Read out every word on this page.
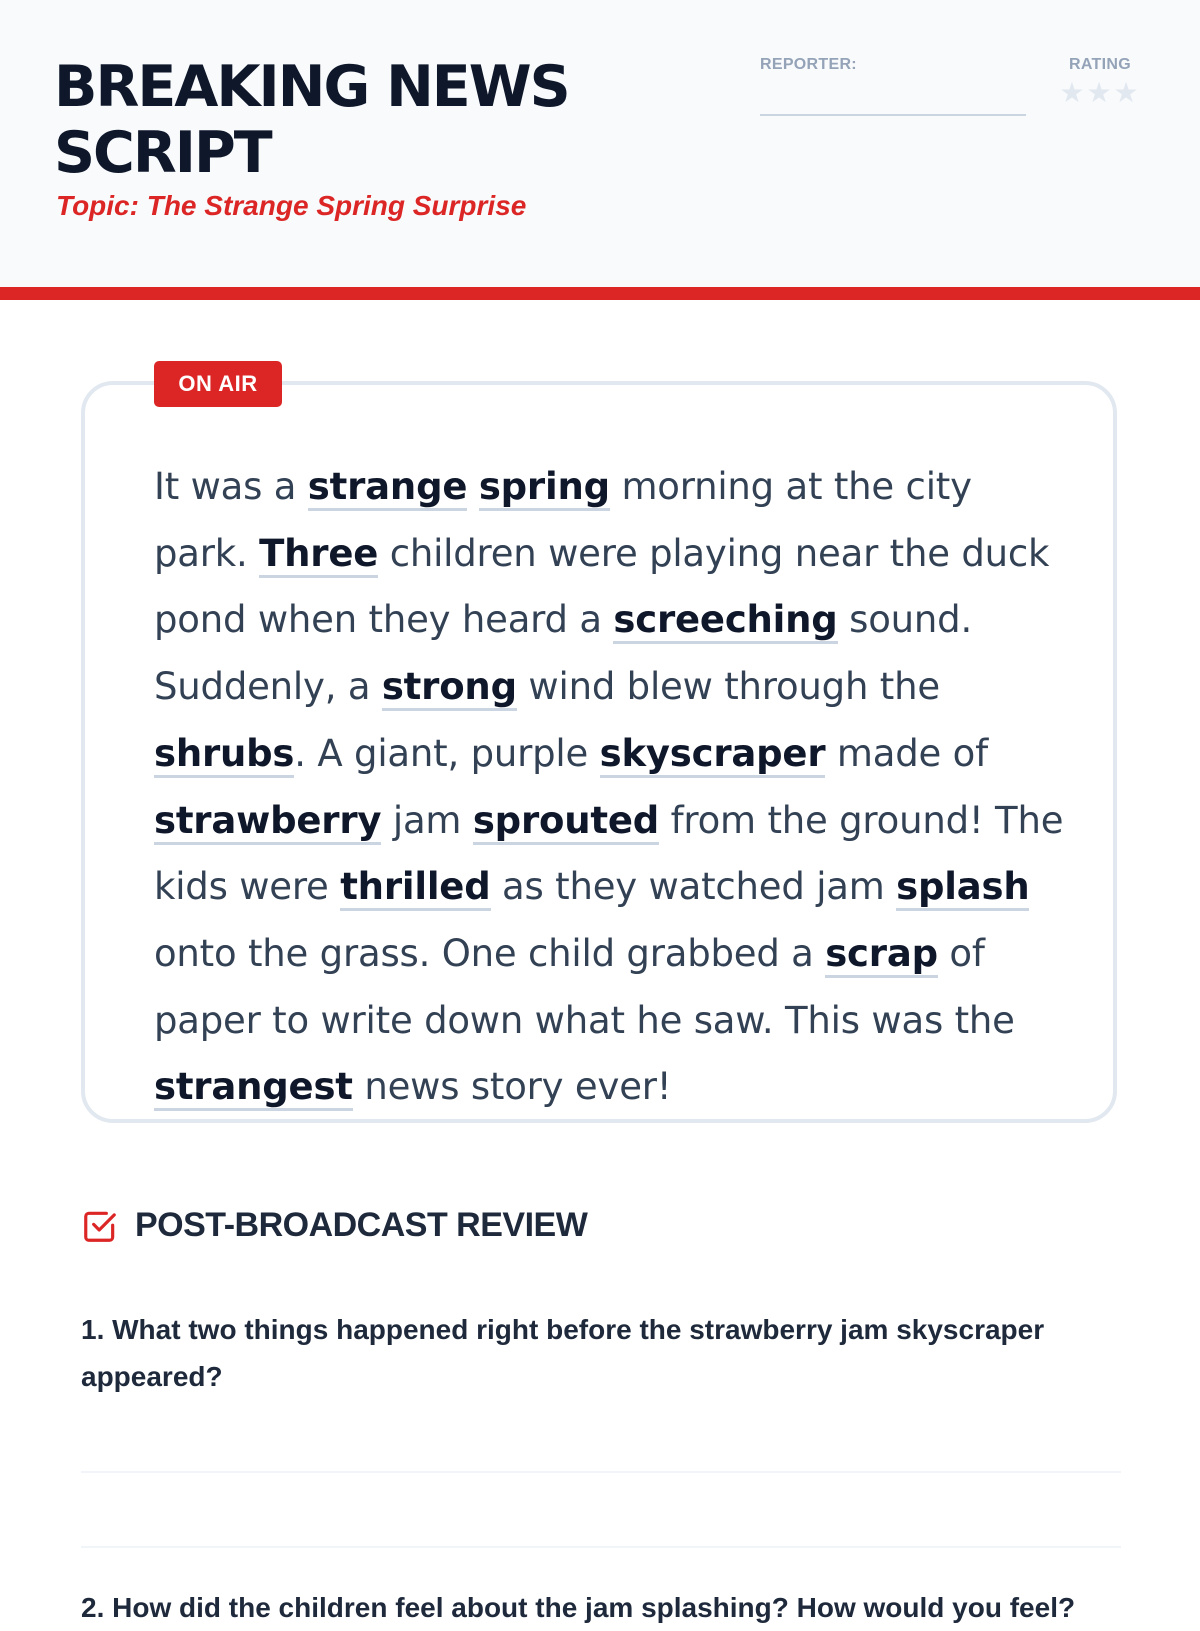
BREAKING NEWS SCRIPT
Topic: The Strange Spring Surprise
REPORTER:	RATING
★★★
ON AIR

It was a strange spring morning at the city park. Three children were playing near the duck pond when they heard a screeching sound. Suddenly, a strong wind blew through the shrubs. A giant, purple skyscraper made of strawberry jam sprouted from the ground! The kids were thrilled as they watched jam splash onto the grass. One child grabbed a scrap of paper to write down what he saw. This was the strangest news story ever!

POST-BROADCAST REVIEW

1. What two things happened right before the strawberry jam skyscraper appeared?

2. How did the children feel about the jam splashing? How would you feel?
